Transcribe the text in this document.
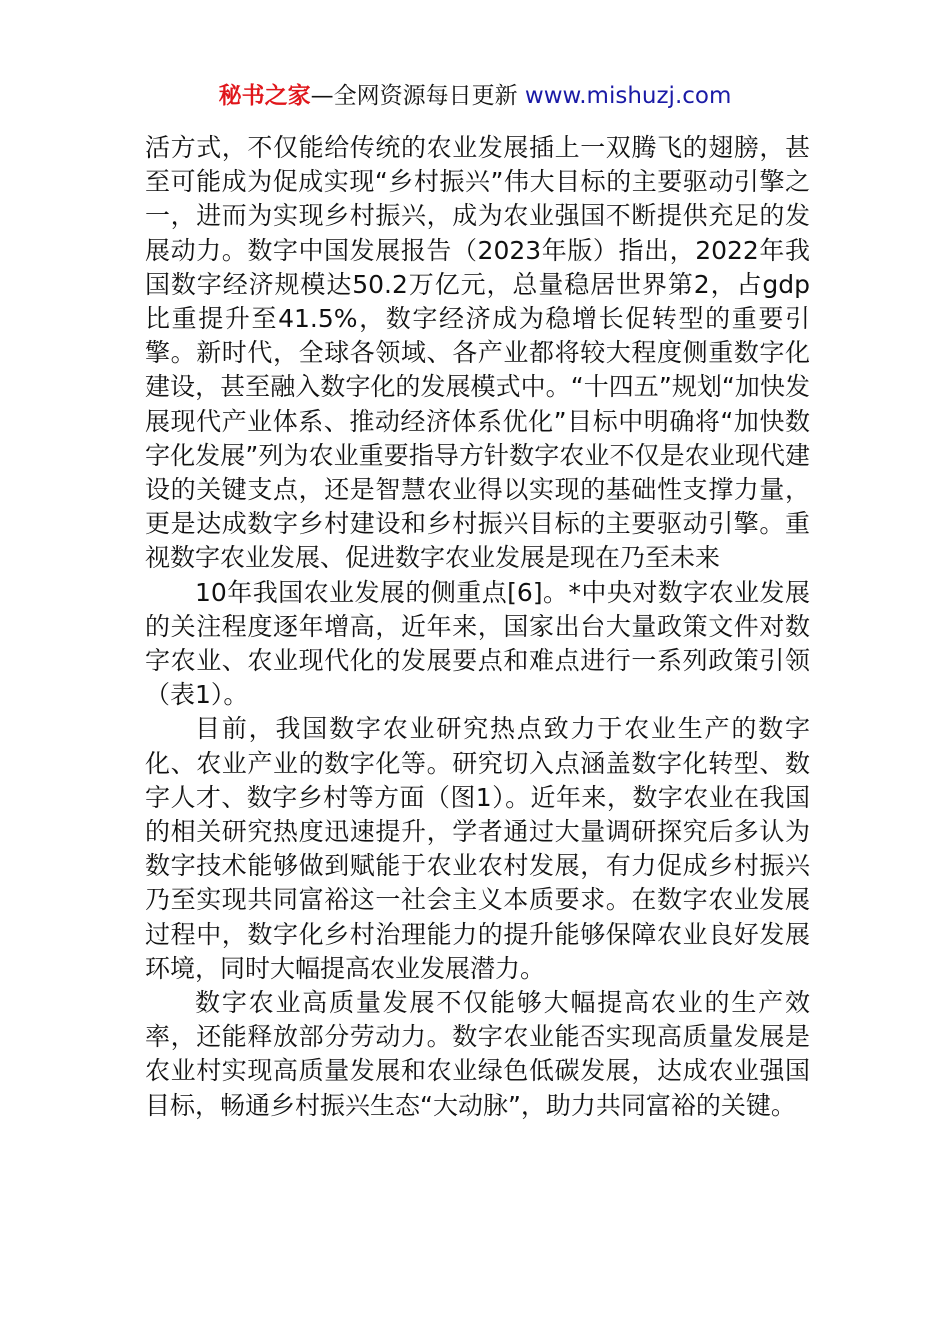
秘书之家—全网资源每日更新 www.mishuzj.com

活方式，不仅能给传统的农业发展插上一双腾飞的翅膀，甚至可能成为促成实现“乡村振兴”伟大目标的主要驱动引擎之一，进而为实现乡村振兴，成为农业强国不断提供充足的发展动力。数字中国发展报告（2023年版）指出，2022年我国数字经济规模达50.2万亿元，总量稳居世界第2，占gdp比重提升至41.5%，数字经济成为稳增长促转型的重要引擎。新时代，全球各领域、各产业都将较大程度侧重数字化建设，甚至融入数字化的发展模式中。“十四五”规划“加快发展现代产业体系、推动经济体系优化”目标中明确将“加快数字化发展”列为农业重要指导方针数字农业不仅是农业现代建设的关键支点，还是智慧农业得以实现的基础性支撑力量，更是达成数字乡村建设和乡村振兴目标的主要驱动引擎。重视数字农业发展、促进数字农业发展是现在乃至未来

10年我国农业发展的侧重点[6]。*中央对数字农业发展的关注程度逐年增高，近年来，国家出台大量政策文件对数字农业、农业现代化的发展要点和难点进行一系列政策引领（表1）。

目前，我国数字农业研究热点致力于农业生产的数字化、农业产业的数字化等。研究切入点涵盖数字化转型、数字人才、数字乡村等方面（图1）。近年来，数字农业在我国的相关研究热度迅速提升，学者通过大量调研探究后多认为数字技术能够做到赋能于农业农村发展，有力促成乡村振兴乃至实现共同富裕这一社会主义本质要求。在数字农业发展过程中，数字化乡村治理能力的提升能够保障农业良好发展环境，同时大幅提高农业发展潜力。

数字农业高质量发展不仅能够大幅提高农业的生产效率，还能释放部分劳动力。数字农业能否实现高质量发展是农业村实现高质量发展和农业绿色低碳发展，达成农业强国目标，畅通乡村振兴生态“大动脉”，助力共同富裕的关键。
